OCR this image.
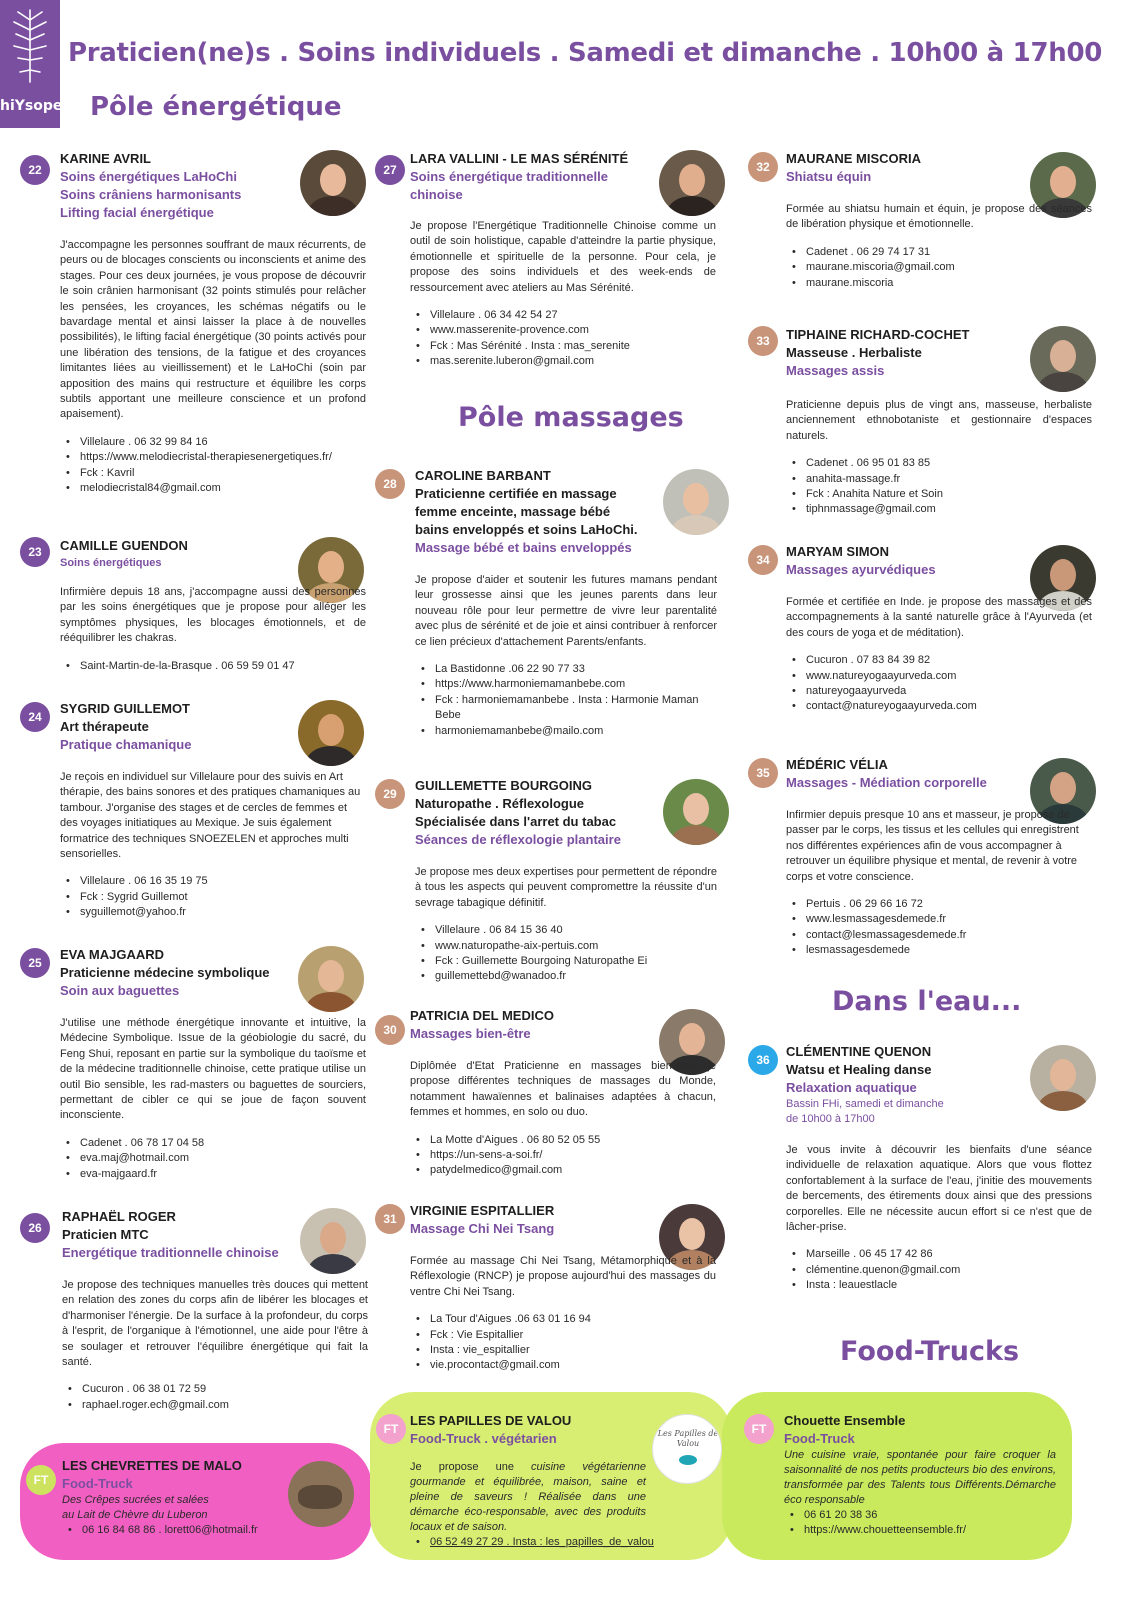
hiYsope
Praticien(ne)s . Soins individuels . Samedi et dimanche . 10h00 à 17h00
Pôle énergétique
22
KARINE AVRIL
Soins énergétiques LaHoChi
Soins crâniens harmonisants
Lifting facial énergétique
J'accompagne les personnes souffrant de maux récurrents, de peurs ou de blocages conscients ou inconscients et anime des stages. Pour ces deux journées, je vous propose de découvrir le soin crânien harmonisant (32 points stimulés pour relâcher les pensées, les croyances, les schémas négatifs ou le bavardage mental et ainsi laisser la place à de nouvelles possibilités), le lifting facial énergétique (30 points activés pour une libération des tensions, de la fatigue et des croyances limitantes liées au vieillissement) et le LaHoChi (soin par apposition des mains qui restructure et équilibre les corps subtils apportant une meilleure conscience et un profond apaisement).
• Villelaure . 06 32 99 84 16
• https://www.melodiecristal-therapiesenergetiques.fr/
• Fck : Kavril
• melodiecristal84@gmail.com
23	CAMILLE GUENDON
Soins énergétiques
Infirmière depuis 18 ans, j'accompagne aussi des personnes par les soins énergétiques que je propose pour alléger les symptômes physiques, les blocages émotionnels, et de rééquilibrer les chakras.
• Saint-Martin-de-la-Brasque . 06 59 59 01 47
24
SYGRID GUILLEMOT
Art thérapeute
Pratique chamanique
Je reçois en individuel sur Villelaure pour des suivis en Art thérapie, des bains sonores et des pratiques chamaniques au tambour. J'organise des stages et de cercles de femmes et des voyages initiatiques au Mexique. Je suis également formatrice des techniques SNOEZELEN et approches multi sensorielles.
• Villelaure . 06 16 35 19 75
• Fck : Sygrid Guillemot
• syguillemot@yahoo.fr
25
EVA MAJGAARD
Praticienne médecine symbolique
Soin aux baguettes
J'utilise une méthode énergétique innovante et intuitive, la Médecine Symbolique. Issue de la géobiologie du sacré, du Feng Shui, reposant en partie sur la symbolique du taoïsme et de la médecine traditionnelle chinoise, cette pratique utilise un outil Bio sensible, les rad-masters ou baguettes de sourciers, permettant de cibler ce qui se joue de façon souvent inconsciente.
• Cadenet . 06 78 17 04 58
• eva.maj@hotmail.com
• eva-majgaard.fr
26
RAPHAËL ROGER
Praticien MTC
Energétique traditionnelle chinoise
Je propose des techniques manuelles très douces qui mettent en relation des zones du corps afin de libérer les blocages et d'harmoniser l'énergie. De la surface à la profondeur, du corps à l'esprit, de l'organique à l'émotionnel, une aide pour l'être à se soulager et retrouver l'équilibre énergétique qui fait la santé.
• Cucuron . 06 38 01 72 59
• raphael.roger.ech@gmail.com
27
LARA VALLINI - LE MAS SÉRÉNITÉ
Soins énergétique traditionnelle
chinoise
Je propose l'Energétique Traditionnelle Chinoise comme un outil de soin holistique, capable d'atteindre la partie physique, émotionnelle et spirituelle de la personne. Pour cela, je propose des soins individuels et des week-ends de ressourcement avec ateliers au Mas Sérénité.
• Villelaure . 06 34 42 54 27
• www.masserenite-provence.com
• Fck : Mas Sérénité . Insta : mas_serenite
• mas.serenite.luberon@gmail.com
Pôle massages
28
CAROLINE BARBANT
Praticienne certifiée en massage
femme enceinte, massage bébé
bains enveloppés et soins LaHoChi.
Massage bébé et bains enveloppés
Je propose d'aider et soutenir les futures mamans pendant leur grossesse ainsi que les jeunes parents dans leur nouveau rôle pour leur permettre de vivre leur parentalité avec plus de sérénité et de joie et ainsi contribuer à renforcer ce lien précieux d'attachement Parents/enfants.
• La Bastidonne .06 22 90 77 33
• https://www.harmoniemamanbebe.com
• Fck : harmoniemamanbebe . Insta : Harmonie Maman Bebe
• harmoniemamanbebe@mailo.com
29
GUILLEMETTE BOURGOING
Naturopathe . Réflexologue
Spécialisée dans l'arret du tabac
Séances de réflexologie plantaire
Je propose mes deux expertises pour permettent de répondre à tous les aspects qui peuvent compromettre la réussite d'un sevrage tabagique définitif.
• Villelaure . 06 84 15 36 40
• www.naturopathe-aix-pertuis.com
• Fck : Guillemette Bourgoing Naturopathe Ei
• guillemettebd@wanadoo.fr
30
PATRICIA DEL MEDICO
Massages bien-être
Diplômée d'Etat Praticienne en massages bien-être, je propose différentes techniques de massages du Monde, notamment hawaïennes et balinaises adaptées à chacun, femmes et hommes, en solo ou duo.
• La Motte d'Aigues . 06 80 52 05 55
• https://un-sens-a-soi.fr/
• patydelmedico@gmail.com
31
VIRGINIE ESPITALLIER
Massage Chi Nei Tsang
Formée au massage Chi Nei Tsang, Métamorphique et à la Réflexologie (RNCP) je propose aujourd'hui des massages du ventre Chi Nei Tsang.
• La Tour d'Aigues .06 63 01 16 94
• Fck : Vie Espitallier
• Insta : vie_espitallier
• vie.procontact@gmail.com
32
MAURANE MISCORIA
Shiatsu équin
Formée au shiatsu humain et équin, je propose des séances de libération physique et émotionnelle.
• Cadenet . 06 29 74 17 31
• maurane.miscoria@gmail.com
• maurane.miscoria
33	TIPHAINE RICHARD-COCHET
Masseuse . Herbaliste
Massages assis
Praticienne depuis plus de vingt ans, masseuse, herbaliste anciennement ethnobotaniste et gestionnaire d'espaces naturels.
• Cadenet . 06 95 01 83 85
• anahita-massage.fr
• Fck : Anahita Nature et Soin
• tiphnmassage@gmail.com
34
MARYAM SIMON
Massages ayurvédiques
Formée et certifiée en Inde. je propose des massages et des accompagnements à la santé naturelle grâce à l'Ayurveda (et des cours de yoga et de méditation).
• Cucuron . 07 83 84 39 82
• www.natureyogaayurveda.com
• natureyogaayurveda
• contact@natureyogaayurveda.com
35
MÉDÉRIC VÉLIA
Massages - Médiation corporelle
Infirmier depuis presque 10 ans et masseur, je propose de passer par le corps, les tissus et les cellules qui enregistrent nos différentes expériences afin de vous accompagner à retrouver un équilibre physique et mental, de revenir à votre corps et votre conscience.
• Pertuis . 06 29 66 16 72
• www.lesmassagesdemede.fr
• contact@lesmassagesdemede.fr
• lesmassagesdemede
Dans l'eau...
36
CLÉMENTINE QUENON
Watsu et Healing danse
Relaxation aquatique
Bassin FHi, samedi et dimanche
de 10h00 à 17h00
Je vous invite à découvrir les bienfaits d'une séance individuelle de relaxation aquatique. Alors que vous flottez confortablement à la surface de l'eau, j'initie des mouvements de bercements, des étirements doux ainsi que des pressions corporelles. Elle ne nécessite aucun effort si ce n'est que de lâcher-prise.
• Marseille . 06 45 17 42 86
• clémentine.quenon@gmail.com
• Insta : leauestlacle
Food-Trucks
FT
LES CHEVRETTES DE MALO
Food-Truck
Des Crêpes sucrées et salées
au Lait de Chèvre du Luberon
• 06 16 84 68 86 . lorett06@hotmail.fr
FT	Les Papilles de Valou
LES PAPILLES DE VALOU
Food-Truck . végétarien
Je propose une cuisine végétarienne gourmande et équilibrée, maison, saine et pleine de saveurs ! Réalisée dans une démarche éco-responsable, avec des produits locaux et de saison.
• 06 52 49 27 29 . Insta : les_papilles_de_valou
FT
Chouette Ensemble
Food-Truck
Une cuisine vraie, spontanée pour faire croquer la saisonnalité de nos petits producteurs bio des environs, transformée par des Talents tous Différents.Démarche éco responsable
• 06 61 20 38 36
• https://www.chouetteensemble.fr/
